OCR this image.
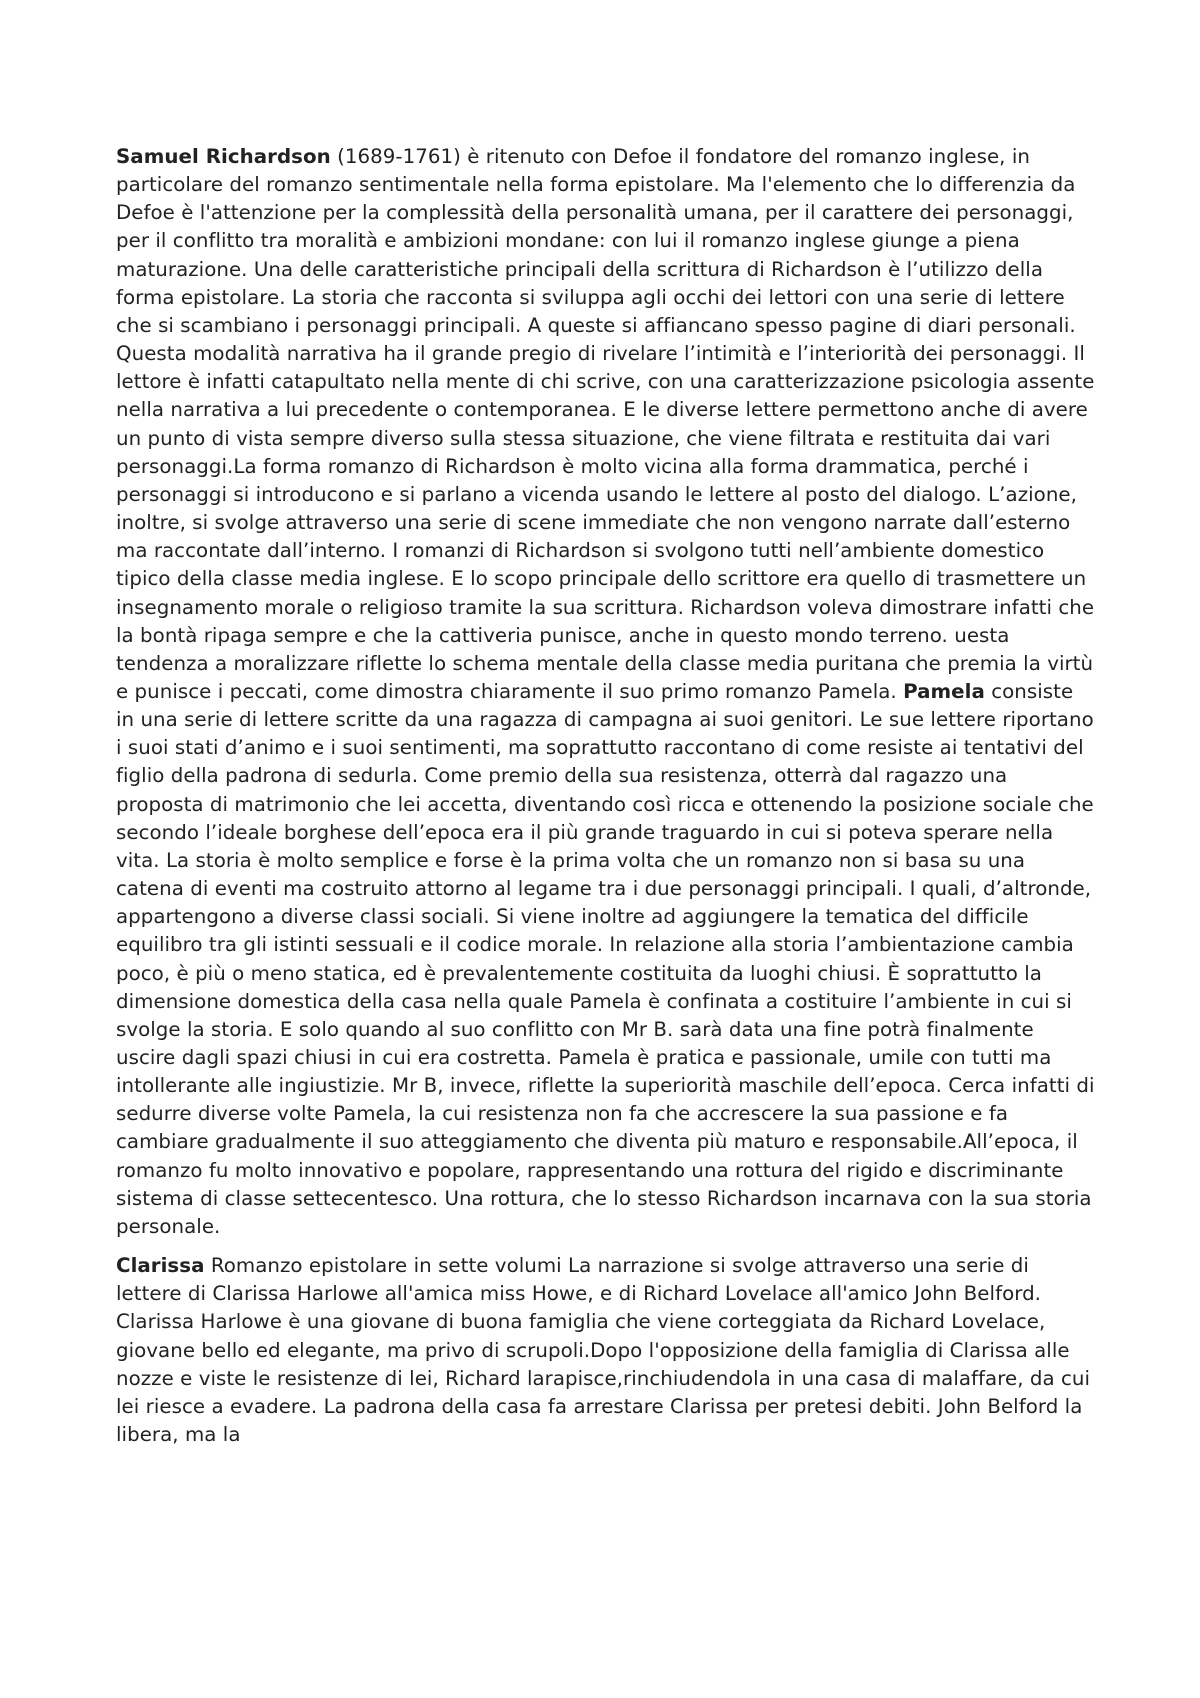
Samuel Richardson (1689-1761) è ritenuto con Defoe il fondatore del romanzo inglese, in particolare del romanzo sentimentale nella forma epistolare. Ma l'elemento che lo differenzia da Defoe è l'attenzione per la complessità della personalità umana, per il carattere dei personaggi, per il conflitto tra moralità e ambizioni mondane: con lui il romanzo inglese giunge a piena maturazione. Una delle caratteristiche principali della scrittura di Richardson è l’utilizzo della forma epistolare. La storia che racconta si sviluppa agli occhi dei lettori con una serie di lettere che si scambiano i personaggi principali. A queste si affiancano spesso pagine di diari personali. Questa modalità narrativa ha il grande pregio di rivelare l’intimità e l’interiorità dei personaggi. Il lettore è infatti catapultato nella mente di chi scrive, con una caratterizzazione psicologia assente nella narrativa a lui precedente o contemporanea. E le diverse lettere permettono anche di avere un punto di vista sempre diverso sulla stessa situazione, che viene filtrata e restituita dai vari personaggi.La forma romanzo di Richardson è molto vicina alla forma drammatica, perché i personaggi si introducono e si parlano a vicenda usando le lettere al posto del dialogo. L’azione, inoltre, si svolge attraverso una serie di scene immediate che non vengono narrate dall’esterno ma raccontate dall’interno. I romanzi di Richardson si svolgono tutti nell’ambiente domestico tipico della classe media inglese. E lo scopo principale dello scrittore era quello di trasmettere un insegnamento morale o religioso tramite la sua scrittura. Richardson voleva dimostrare infatti che la bontà ripaga sempre e che la cattiveria punisce, anche in questo mondo terreno. uesta tendenza a moralizzare riflette lo schema mentale della classe media puritana che premia la virtù e punisce i peccati, come dimostra chiaramente il suo primo romanzo Pamela. Pamela consiste in una serie di lettere scritte da una ragazza di campagna ai suoi genitori. Le sue lettere riportano i suoi stati d’animo e i suoi sentimenti, ma soprattutto raccontano di come resiste ai tentativi del figlio della padrona di sedurla. Come premio della sua resistenza, otterrà dal ragazzo una proposta di matrimonio che lei accetta, diventando così ricca e ottenendo la posizione sociale che secondo l’ideale borghese dell’epoca era il più grande traguardo in cui si poteva sperare nella vita. La storia è molto semplice e forse è la prima volta che un romanzo non si basa su una catena di eventi ma costruito attorno al legame tra i due personaggi principali. I quali, d’altronde, appartengono a diverse classi sociali. Si viene inoltre ad aggiungere la tematica del difficile equilibro tra gli istinti sessuali e il codice morale. In relazione alla storia l’ambientazione cambia poco, è più o meno statica, ed è prevalentemente costituita da luoghi chiusi. È soprattutto la dimensione domestica della casa nella quale Pamela è confinata a costituire l’ambiente in cui si svolge la storia. E solo quando al suo conflitto con Mr B. sarà data una fine potrà finalmente uscire dagli spazi chiusi in cui era costretta. Pamela è pratica e passionale, umile con tutti ma intollerante alle ingiustizie. Mr B, invece, riflette la superiorità maschile dell’epoca. Cerca infatti di sedurre diverse volte Pamela, la cui resistenza non fa che accrescere la sua passione e fa cambiare gradualmente il suo atteggiamento che diventa più maturo e responsabile.All’epoca, il romanzo fu molto innovativo e popolare, rappresentando una rottura del rigido e discriminante sistema di classe settecentesco. Una rottura, che lo stesso Richardson incarnava con la sua storia personale.

Clarissa Romanzo epistolare in sette volumi La narrazione si svolge attraverso una serie di lettere di Clarissa Harlowe all'amica miss Howe, e di Richard Lovelace all'amico John Belford. Clarissa Harlowe è una giovane di buona famiglia che viene corteggiata da Richard Lovelace, giovane bello ed elegante, ma privo di scrupoli.Dopo l'opposizione della famiglia di Clarissa alle nozze e viste le resistenze di lei, Richard larapisce,rinchiudendola in una casa di malaffare, da cui lei riesce a evadere. La padrona della casa fa arrestare Clarissa per pretesi debiti. John Belford la libera, ma la
